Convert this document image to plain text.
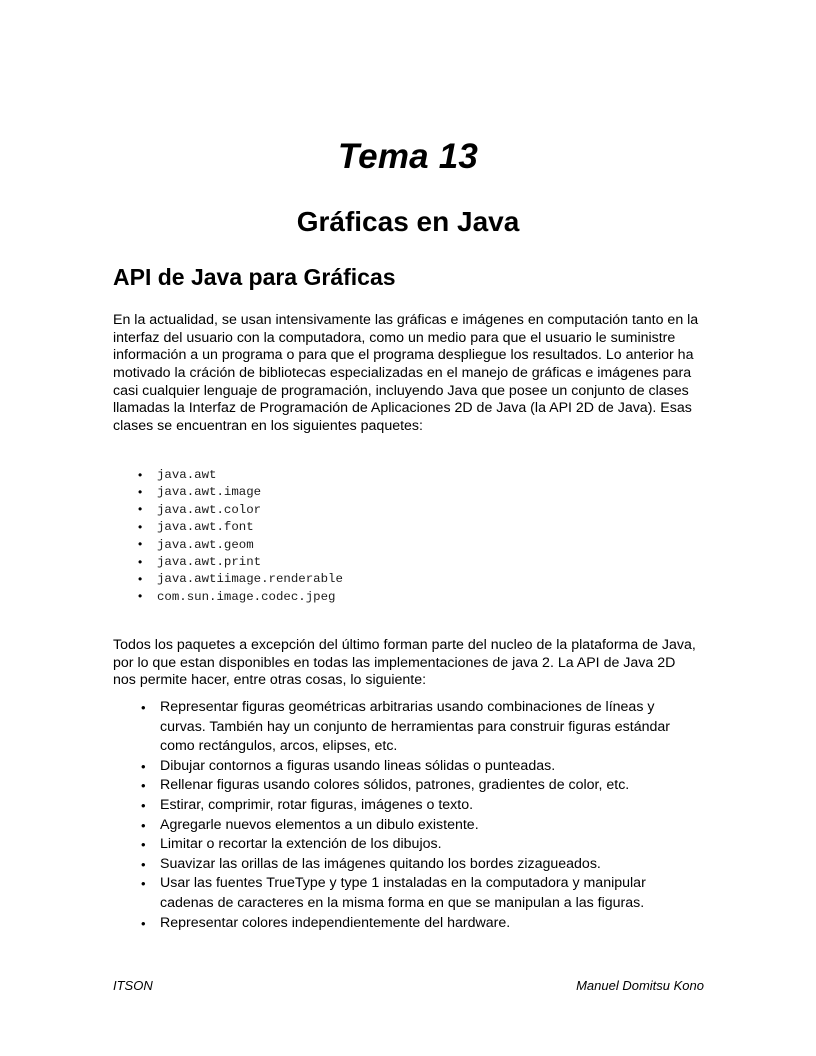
Tema 13
Gráficas en Java
API de Java para Gráficas

En la actualidad, se usan intensivamente las gráficas e imágenes en computación tanto en la interfaz del usuario con la computadora, como un medio para que el usuario le suministre información a un programa o para que el programa despliegue los resultados. Lo anterior ha motivado la cráción de bibliotecas especializadas en el manejo de gráficas e imágenes para casi cualquier lenguaje de programación, incluyendo Java que posee un conjunto de clases llamadas la Interfaz de Programación de Aplicaciones 2D de Java (la API 2D de Java). Esas clases se encuentran en los siguientes paquetes:

• java.awt
• java.awt.image
• java.awt.color
• java.awt.font
• java.awt.geom
• java.awt.print
• java.awtiimage.renderable
• com.sun.image.codec.jpeg

Todos los paquetes a excepción del último forman parte del nucleo de la plataforma de Java, por lo que estan disponibles en todas las implementaciones de java 2. La API de Java 2D nos permite hacer, entre otras cosas, lo siguiente:

• Representar figuras geométricas arbitrarias usando combinaciones de líneas y curvas. También hay un conjunto de herramientas para construir figuras estándar como rectángulos, arcos, elipses, etc.
• Dibujar contornos a figuras usando lineas sólidas o punteadas.
• Rellenar figuras usando colores sólidos, patrones, gradientes de color, etc.
• Estirar, comprimir, rotar figuras, imágenes o texto.
• Agregarle nuevos elementos a un dibulo existente.
• Limitar o recortar la extención de los dibujos.
• Suavizar las orillas de las imágenes quitando los bordes zizagueados.
• Usar las fuentes TrueType y type 1 instaladas en la computadora y manipular cadenas de caracteres en la misma forma en que se manipulan a las figuras.
• Representar colores independientemente del hardware.
ITSON	Manuel Domitsu Kono
